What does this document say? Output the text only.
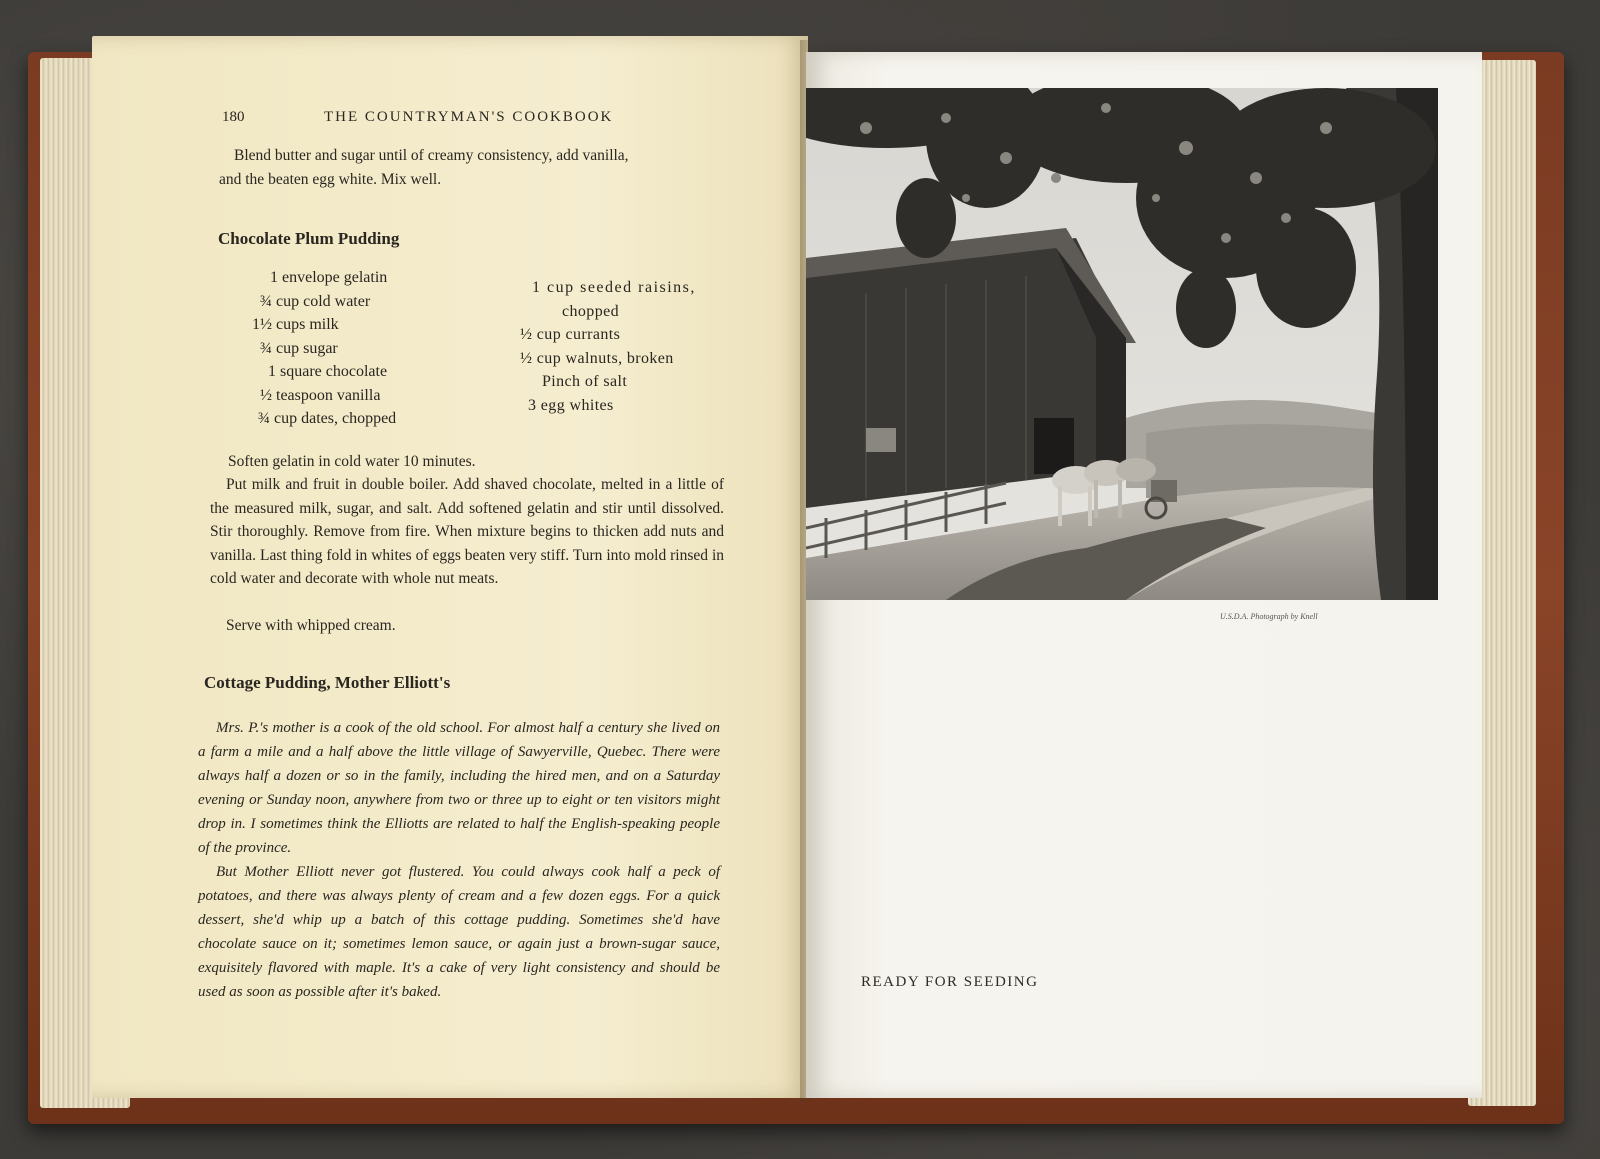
180	THE COUNTRYMAN'S COOKBOOK
Blend butter and sugar until of creamy consistency, add vanilla,
and the beaten egg white. Mix well.
Chocolate Plum Pudding
1 envelope gelatin
¾ cup cold water
1½ cups milk
¾ cup sugar
1 square chocolate
½ teaspoon vanilla
¾ cup dates, chopped
1 cup seeded raisins,
chopped
½ cup currants
½ cup walnuts, broken
Pinch of salt
3 egg whites
Soften gelatin in cold water 10 minutes.
Put milk and fruit in double boiler. Add shaved chocolate, melted in a little of the measured milk, sugar, and salt. Add softened gelatin and stir until dissolved. Stir thoroughly. Remove from fire. When mixture begins to thicken add nuts and vanilla. Last thing fold in whites of eggs beaten very stiff. Turn into mold rinsed in cold water and decorate with whole nut meats.
Serve with whipped cream.
Cottage Pudding, Mother Elliott's
Mrs. P.'s mother is a cook of the old school. For almost half a century she lived on a farm a mile and a half above the little village of Sawyerville, Quebec. There were always half a dozen or so in the family, including the hired men, and on a Saturday evening or Sunday noon, anywhere from two or three up to eight or ten visitors might drop in. I sometimes think the Elliotts are related to half the English-speaking people of the province.
But Mother Elliott never got flustered. You could always cook half a peck of potatoes, and there was always plenty of cream and a few dozen eggs. For a quick dessert, she'd whip up a batch of this cottage pudding. Sometimes she'd have chocolate sauce on it; sometimes lemon sauce, or again just a brown-sugar sauce, exquisitely flavored with maple. It's a cake of very light consistency and should be used as soon as possible after it's baked.
U.S.D.A. Photograph by Knell
READY FOR SEEDING
